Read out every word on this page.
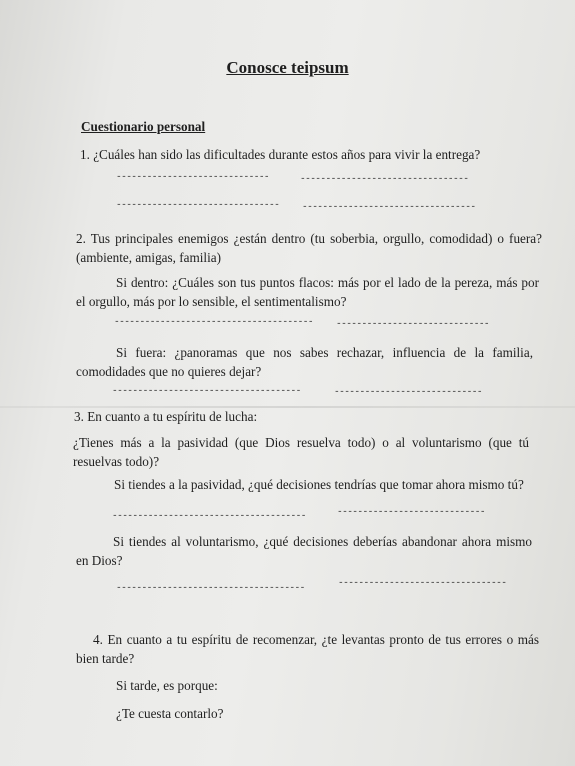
Conosce teipsum
Cuestionario personal
1. ¿Cuáles han sido las dificultades durante estos años para vivir la entrega?
------------------------------	---------------------------------
-------------------------------- ----------------------------------
2. Tus principales enemigos ¿están dentro (tu soberbia, orgullo, comodidad) o fuera? (ambiente, amigas, familia)
Si dentro: ¿Cuáles son tus puntos flacos: más por el lado de la pereza, más por el orgullo, más por lo sensible, el sentimentalismo?
--------------------------------------- ------------------------------
Si fuera: ¿panoramas que nos sabes rechazar, influencia de la familia, comodidades que no quieres dejar?
-------------------------------------	-----------------------------
3. En cuanto a tu espíritu de lucha:
¿Tienes más a la pasividad (que Dios resuelva todo) o al voluntarismo (que tú resuelvas todo)?
Si tiendes a la pasividad, ¿qué decisiones tendrías que tomar ahora mismo tú?
--------------------------------------	-----------------------------
Si tiendes al voluntarismo, ¿qué decisiones deberías abandonar ahora mismo en Dios?
-------------------------------------	---------------------------------
4. En cuanto a tu espíritu de recomenzar, ¿te levantas pronto de tus errores o más bien tarde?
Si tarde, es porque:
¿Te cuesta contarlo?
